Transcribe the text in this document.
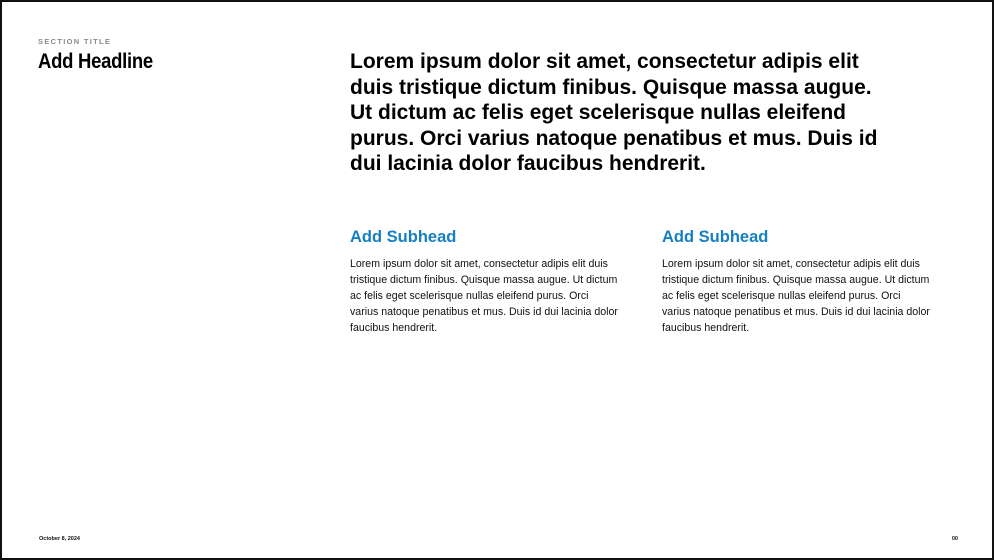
SECTION TITLE
Add Headline	Lorem ipsum dolor sit amet, consectetur adipis elit duis tristique dictum finibus. Quisque massa augue. Ut dictum ac felis eget scelerisque nullas eleifend purus. Orci varius natoque penatibus et mus. Duis id dui lacinia dolor faucibus hendrerit.

Add Subhead

Lorem ipsum dolor sit amet, consectetur adipis elit duis tristique dictum finibus. Quisque massa augue. Ut dictum ac felis eget scelerisque nullas eleifend purus. Orci varius natoque penatibus et mus. Duis id dui lacinia dolor faucibus hendrerit.

Add Subhead

Lorem ipsum dolor sit amet, consectetur adipis elit duis tristique dictum finibus. Quisque massa augue. Ut dictum ac felis eget scelerisque nullas eleifend purus. Orci varius natoque penatibus et mus. Duis id dui lacinia dolor faucibus hendrerit.

October 8, 2024	00
